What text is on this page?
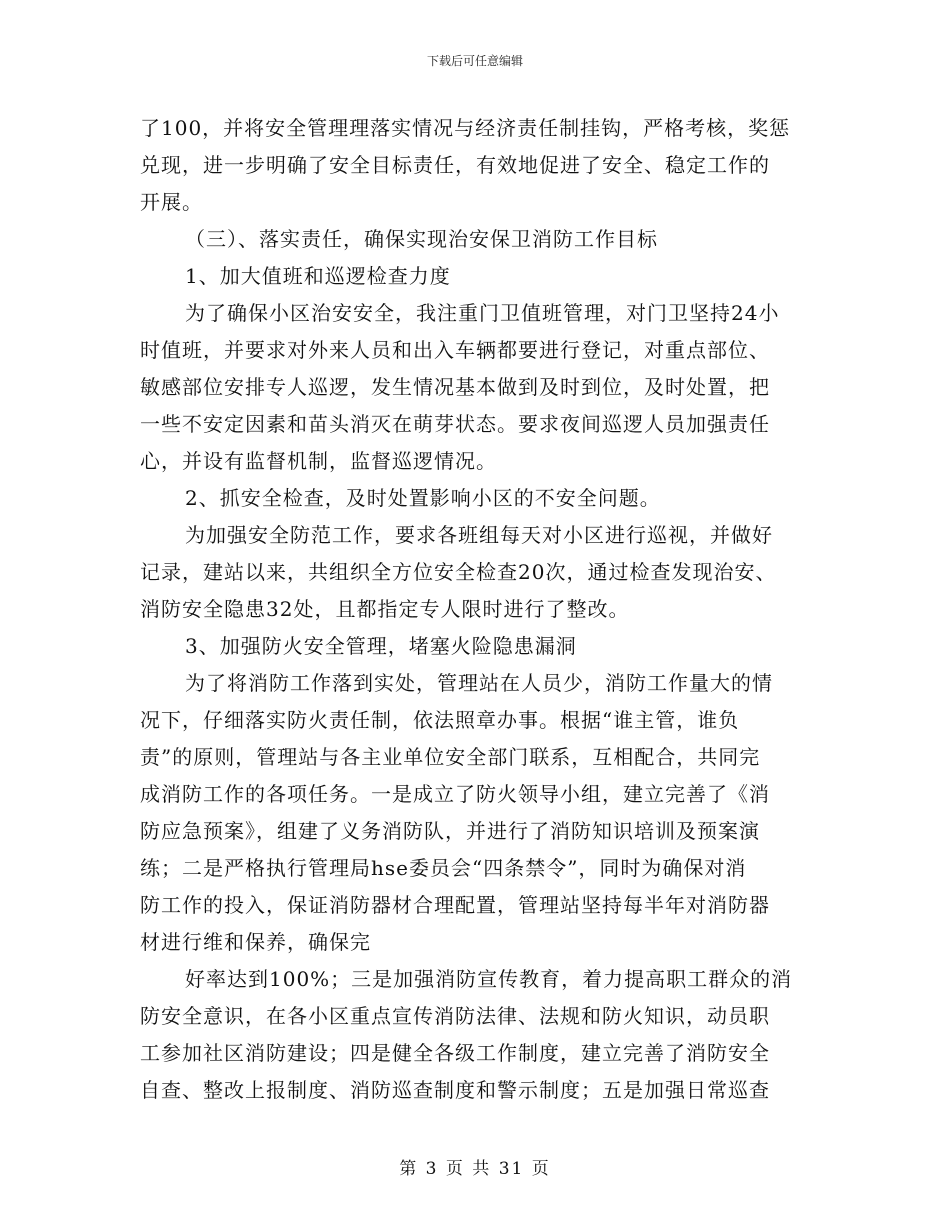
下载后可任意编辑
了100，并将安全管理理落实情况与经济责任制挂钩，严格考核，奖惩
兑现，进一步明确了安全目标责任，有效地促进了安全、稳定工作的
开展。
（三）、落实责任，确保实现治安保卫消防工作目标
1、加大值班和巡逻检查力度
为了确保小区治安安全，我注重门卫值班管理，对门卫坚持24小
时值班，并要求对外来人员和出入车辆都要进行登记，对重点部位、
敏感部位安排专人巡逻，发生情况基本做到及时到位，及时处置，把
一些不安定因素和苗头消灭在萌芽状态。要求夜间巡逻人员加强责任
心，并设有监督机制，监督巡逻情况。
2、抓安全检查，及时处置影响小区的不安全问题。
为加强安全防范工作，要求各班组每天对小区进行巡视，并做好
记录，建站以来，共组织全方位安全检查20次，通过检查发现治安、
消防安全隐患32处，且都指定专人限时进行了整改。
3、加强防火安全管理，堵塞火险隐患漏洞
为了将消防工作落到实处，管理站在人员少，消防工作量大的情
况下，仔细落实防火责任制，依法照章办事。根据“谁主管，谁负
责”的原则，管理站与各主业单位安全部门联系，互相配合，共同完
成消防工作的各项任务。一是成立了防火领导小组，建立完善了《消
防应急预案》，组建了义务消防队，并进行了消防知识培训及预案演
练；二是严格执行管理局hse委员会“四条禁令”，同时为确保对消
防工作的投入，保证消防器材合理配置，管理站坚持每半年对消防器
材进行维和保养，确保完
好率达到100%；三是加强消防宣传教育，着力提高职工群众的消
防安全意识，在各小区重点宣传消防法律、法规和防火知识，动员职
工参加社区消防建设；四是健全各级工作制度，建立完善了消防安全
自查、整改上报制度、消防巡查制度和警示制度；五是加强日常巡查
第 3 页 共 31 页
